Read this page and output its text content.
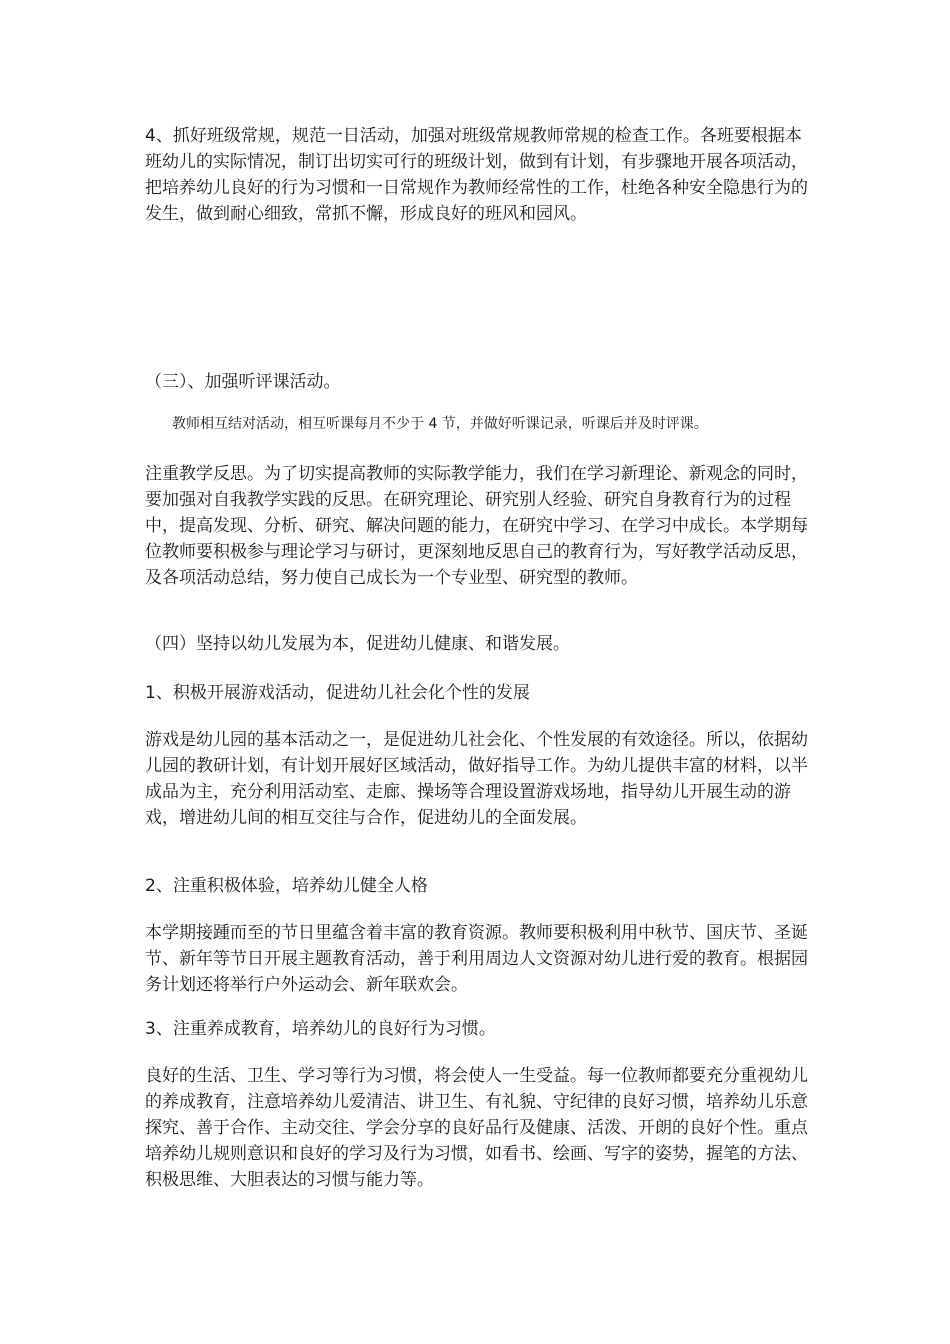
4、抓好班级常规，规范一日活动，加强对班级常规教师常规的检查工作。各班要根据本班幼儿的实际情况，制订出切实可行的班级计划，做到有计划，有步骤地开展各项活动，把培养幼儿良好的行为习惯和一日常规作为教师经常性的工作，杜绝各种安全隐患行为的发生，做到耐心细致，常抓不懈，形成良好的班风和园风。

（三）、加强听评课活动。

教师相互结对活动，相互听课每月不少于 4 节，并做好听课记录，听课后并及时评课。

注重教学反思。为了切实提高教师的实际教学能力，我们在学习新理论、新观念的同时，要加强对自我教学实践的反思。在研究理论、研究别人经验、研究自身教育行为的过程中，提高发现、分析、研究、解决问题的能力，在研究中学习、在学习中成长。本学期每位教师要积极参与理论学习与研讨，更深刻地反思自己的教育行为，写好教学活动反思，及各项活动总结，努力使自己成长为一个专业型、研究型的教师。

（四）坚持以幼儿发展为本，促进幼儿健康、和谐发展。

1、积极开展游戏活动，促进幼儿社会化个性的发展

游戏是幼儿园的基本活动之一，是促进幼儿社会化、个性发展的有效途径。所以，依据幼儿园的教研计划，有计划开展好区域活动，做好指导工作。为幼儿提供丰富的材料，以半成品为主，充分利用活动室、走廊、操场等合理设置游戏场地，指导幼儿开展生动的游戏，增进幼儿间的相互交往与合作，促进幼儿的全面发展。

2、注重积极体验，培养幼儿健全人格

本学期接踵而至的节日里蕴含着丰富的教育资源。教师要积极利用中秋节、国庆节、圣诞节、新年等节日开展主题教育活动，善于利用周边人文资源对幼儿进行爱的教育。根据园务计划还将举行户外运动会、新年联欢会。

3、注重养成教育，培养幼儿的良好行为习惯。

良好的生活、卫生、学习等行为习惯，将会使人一生受益。每一位教师都要充分重视幼儿的养成教育，注意培养幼儿爱清洁、讲卫生、有礼貌、守纪律的良好习惯，培养幼儿乐意探究、善于合作、主动交往、学会分享的良好品行及健康、活泼、开朗的良好个性。重点培养幼儿规则意识和良好的学习及行为习惯，如看书、绘画、写字的姿势，握笔的方法、积极思维、大胆表达的习惯与能力等。
